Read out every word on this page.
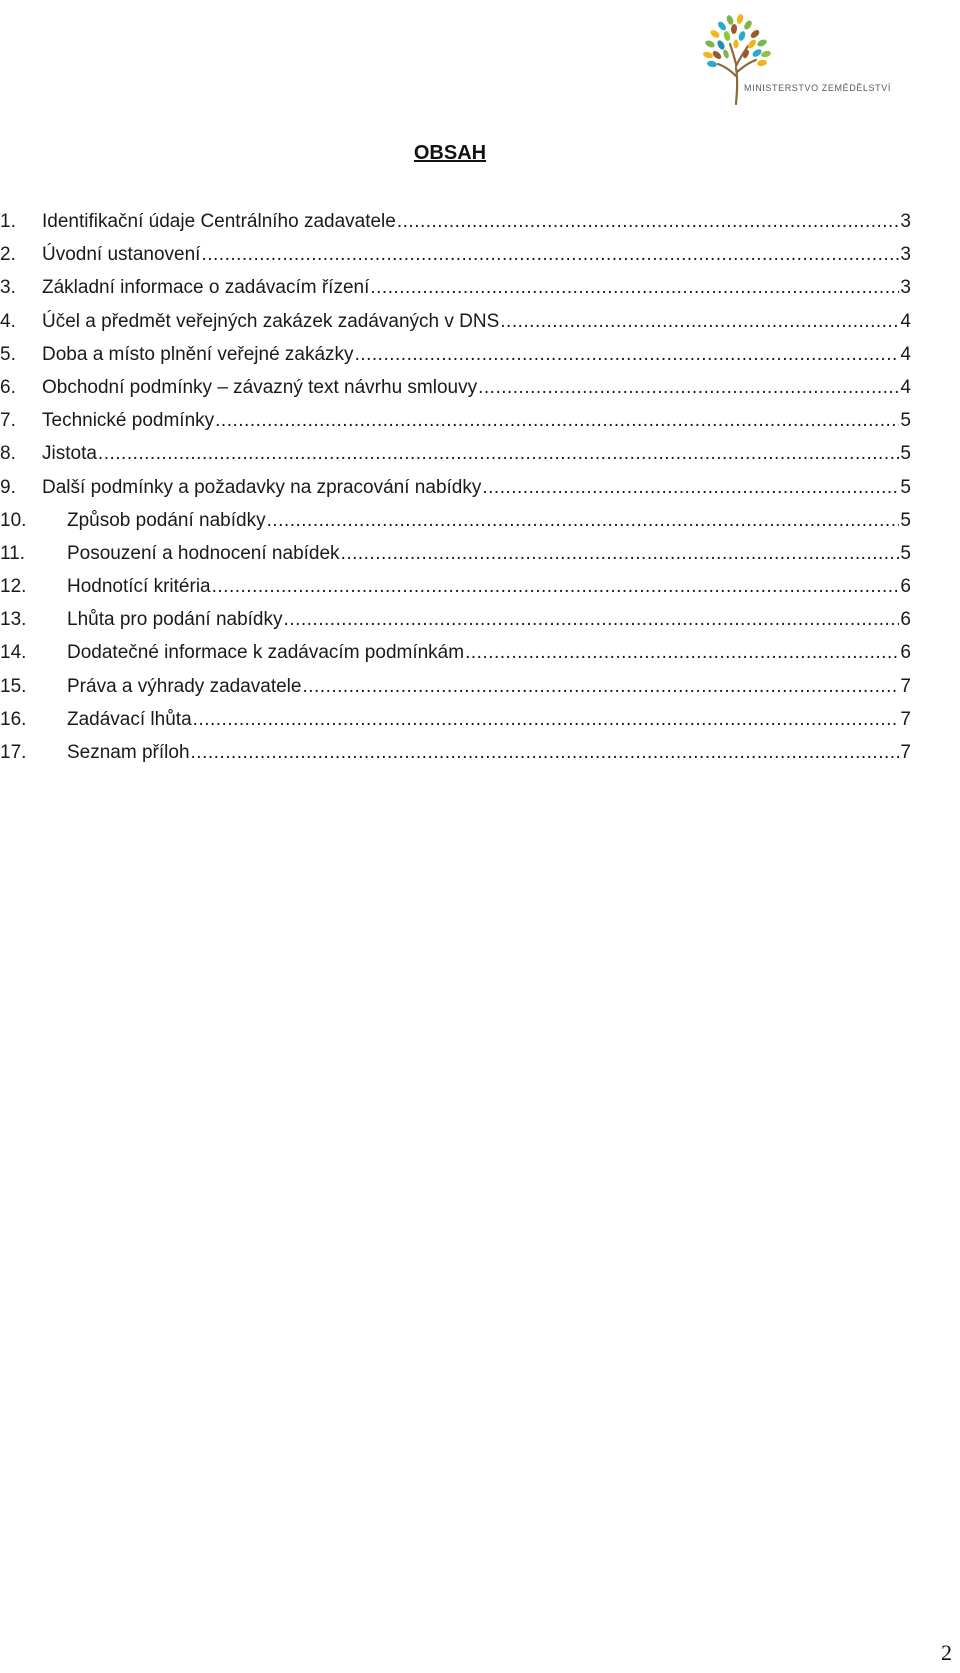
MINISTERSTVO ZEMĚDĚLSTVÍ
OBSAH
1.	Identifikační údaje Centrálního zadavatele .....	3
2.	Úvodní ustanovení .....	3
3.	Základní informace o zadávacím řízení .....	3
4.	Účel a předmět veřejných zakázek zadávaných v DNS .....	4
5.	Doba a místo plnění veřejné zakázky .....	4
6.	Obchodní podmínky – závazný text návrhu smlouvy .....	4
7.	Technické podmínky .....	5
8.	Jistota .....	5
9.	Další podmínky a požadavky na zpracování nabídky .....	5
10.	Způsob podání nabídky .....	5
11.	Posouzení a hodnocení nabídek .....	5
12.	Hodnotící kritéria .....	6
13.	Lhůta pro podání nabídky .....	6
14.	Dodatečné informace k zadávacím podmínkám .....	6
15.	Práva a výhrady zadavatele .....	7
16.	Zadávací lhůta .....	7
17.	Seznam příloh .....	7
2
